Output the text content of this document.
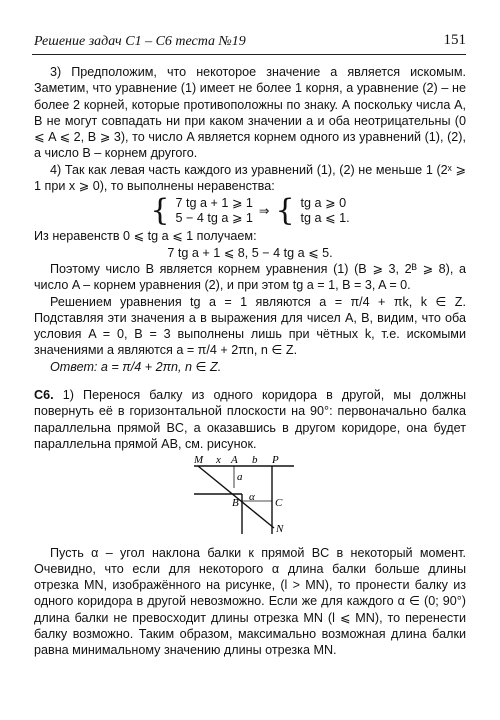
Решение задач С1 – С6 теста №19	151

3) Предположим, что некоторое значение a является искомым. Заметим, что уравнение (1) имеет не более 1 корня, а уравнение (2) – не более 2 корней, которые противоположны по знаку. А поскольку числа A, B не могут совпадать ни при каком значении a и оба неотрицательны (0 ⩽ A ⩽ 2, B ⩾ 3), то число A является корнем одного из уравнений (1), (2), а число B – корнем другого.

4) Так как левая часть каждого из уравнений (1), (2) не меньше 1 (2ˣ ⩾ 1 при x ⩾ 0), то выполнены неравенства:

{ 7 tg a + 1 ⩾ 1
5 − 4 tg a ⩾ 1
⇒ { tg a ⩾ 0
tg a ⩽ 1.

Из неравенств 0 ⩽ tg a ⩽ 1 получаем:

7 tg a + 1 ⩽ 8, 5 − 4 tg a ⩽ 5.

Поэтому число B является корнем уравнения (1) (B ⩾ 3, 2ᴮ ⩾ 8), а число A – корнем уравнения (2), и при этом tg a = 1, B = 3, A = 0.

Решением уравнения tg a = 1 являются a = π/4 + πk, k ∈ Z. Подставляя эти значения a в выражения для чисел A, B, видим, что оба условия A = 0, B = 3 выполнены лишь при чётных k, т.е. искомыми значениями a являются a = π/4 + 2πn, n ∈ Z.

Ответ: a = π/4 + 2πn, n ∈ Z.

С6. 1) Перенося балку из одного коридора в другой, мы должны повернуть её в горизонтальной плоскости на 90°: первоначально балка параллельна прямой BC, а оказавшись в другом коридоре, она будет параллельна прямой AB, см. рисунок.

M x A b P
a
B α C
N

Пусть α – угол наклона балки к прямой BC в некоторый момент. Очевидно, что если для некоторого α длина балки больше длины отрезка MN, изображённого на рисунке, (l > MN), то пронести балку из одного коридора в другой невозможно. Если же для каждого α ∈ (0; 90°) длина балки не превосходит длины отрезка MN (l ⩽ MN), то перенести балку возможно. Таким образом, максимально возможная длина балки равна минимальному значению длины отрезка MN.
